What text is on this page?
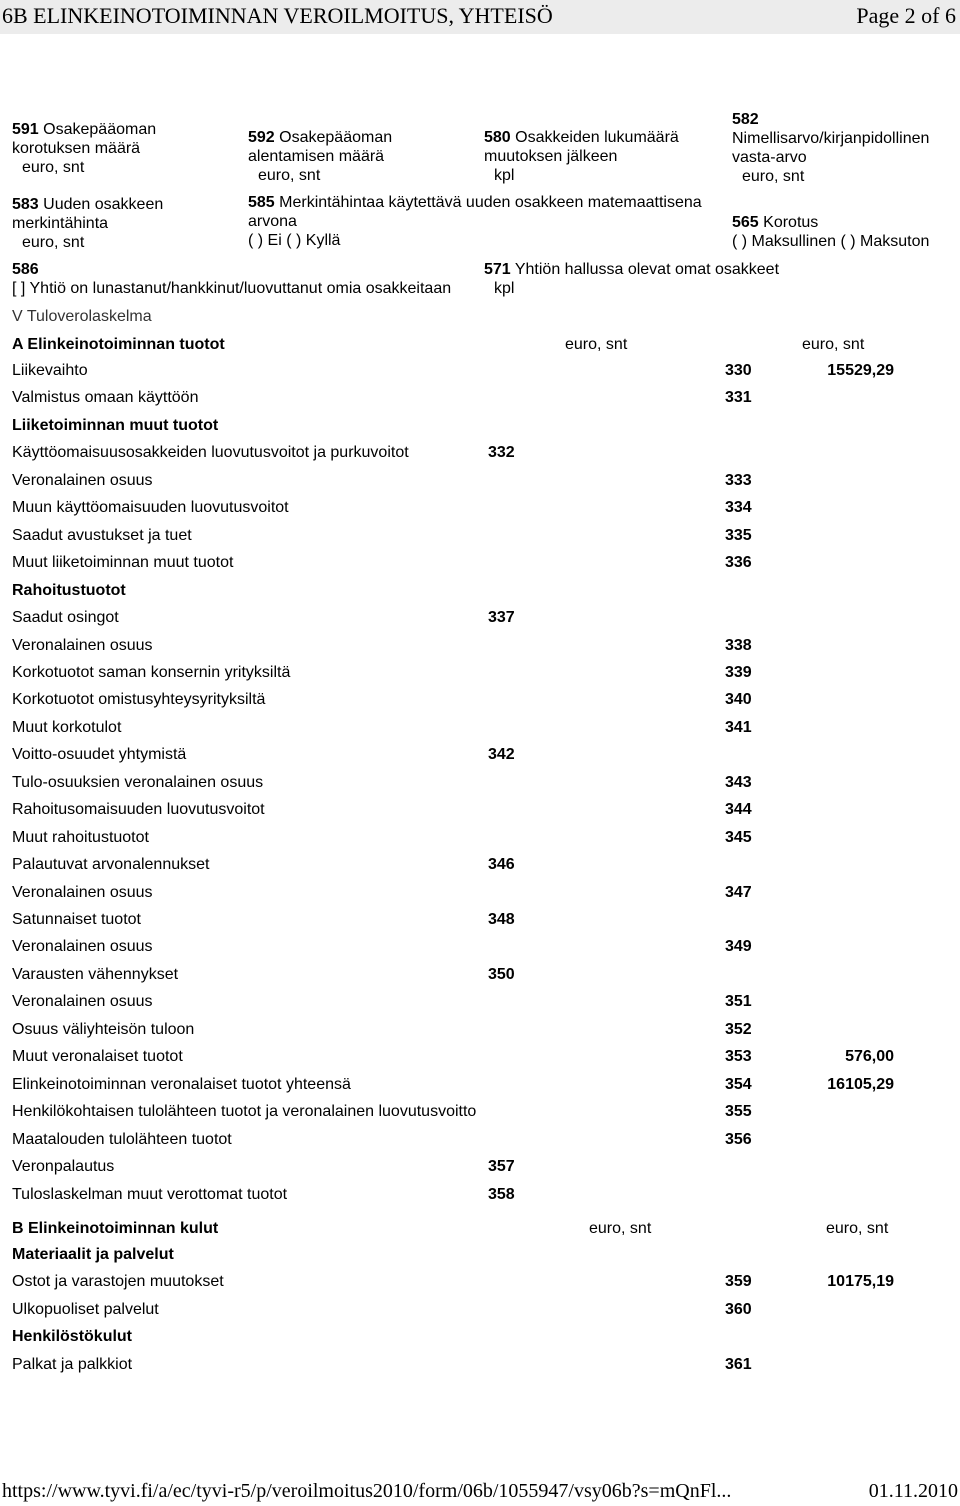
6B ELINKEINOTOIMINNAN VEROILMOITUS, YHTEISÖ	Page 2 of 6
591 Osakepääoman
korotuksen määrä
euro, snt
592 Osakepääoman
alentamisen määrä
euro, snt
580 Osakkeiden lukumäärä
muutoksen jälkeen
kpl
582
Nimellisarvo/kirjanpidollinen
vasta-arvo
euro, snt
583 Uuden osakkeen
merkintähinta
euro, snt
585 Merkintähintaa käytettävä uuden osakkeen matemaattisena
arvona
( ) Ei ( ) Kyllä
565 Korotus
( ) Maksullinen ( ) Maksuton
586
[ ] Yhtiö on lunastanut/hankkinut/luovuttanut omia osakkeitaan
571 Yhtiön hallussa olevat omat osakkeet
kpl
V Tuloverolaskelma
A Elinkeinotoiminnan tuotot	euro, snt	euro, snt
Liikevaihto	330	15529,29
Valmistus omaan käyttöön	331
Liiketoiminnan muut tuotot
Käyttöomaisuusosakkeiden luovutusvoitot ja purkuvoitot	332
Veronalainen osuus	333
Muun käyttöomaisuuden luovutusvoitot	334
Saadut avustukset ja tuet	335
Muut liiketoiminnan muut tuotot	336
Rahoitustuotot
Saadut osingot	337
Veronalainen osuus	338
Korkotuotot saman konsernin yrityksiltä	339
Korkotuotot omistusyhteysyrityksiltä	340
Muut korkotulot	341
Voitto-osuudet yhtymistä	342
Tulo-osuuksien veronalainen osuus	343
Rahoitusomaisuuden luovutusvoitot	344
Muut rahoitustuotot	345
Palautuvat arvonalennukset	346
Veronalainen osuus	347
Satunnaiset tuotot	348
Veronalainen osuus	349
Varausten vähennykset	350
Veronalainen osuus	351
Osuus väliyhteisön tuloon	352
Muut veronalaiset tuotot	353	576,00
Elinkeinotoiminnan veronalaiset tuotot yhteensä	354	16105,29
Henkilökohtaisen tulolähteen tuotot ja veronalainen luovutusvoitto	355
Maatalouden tulolähteen tuotot	356
Veronpalautus	357
Tuloslaskelman muut verottomat tuotot	358
B Elinkeinotoiminnan kulut	euro, snt	euro, snt
Materiaalit ja palvelut
Ostot ja varastojen muutokset	359	10175,19
Ulkopuoliset palvelut	360
Henkilöstökulut
Palkat ja palkkiot	361
https://www.tyvi.fi/a/ec/tyvi-r5/p/veroilmoitus2010/form/06b/1055947/vsy06b?s=mQnFl...	01.11.2010
